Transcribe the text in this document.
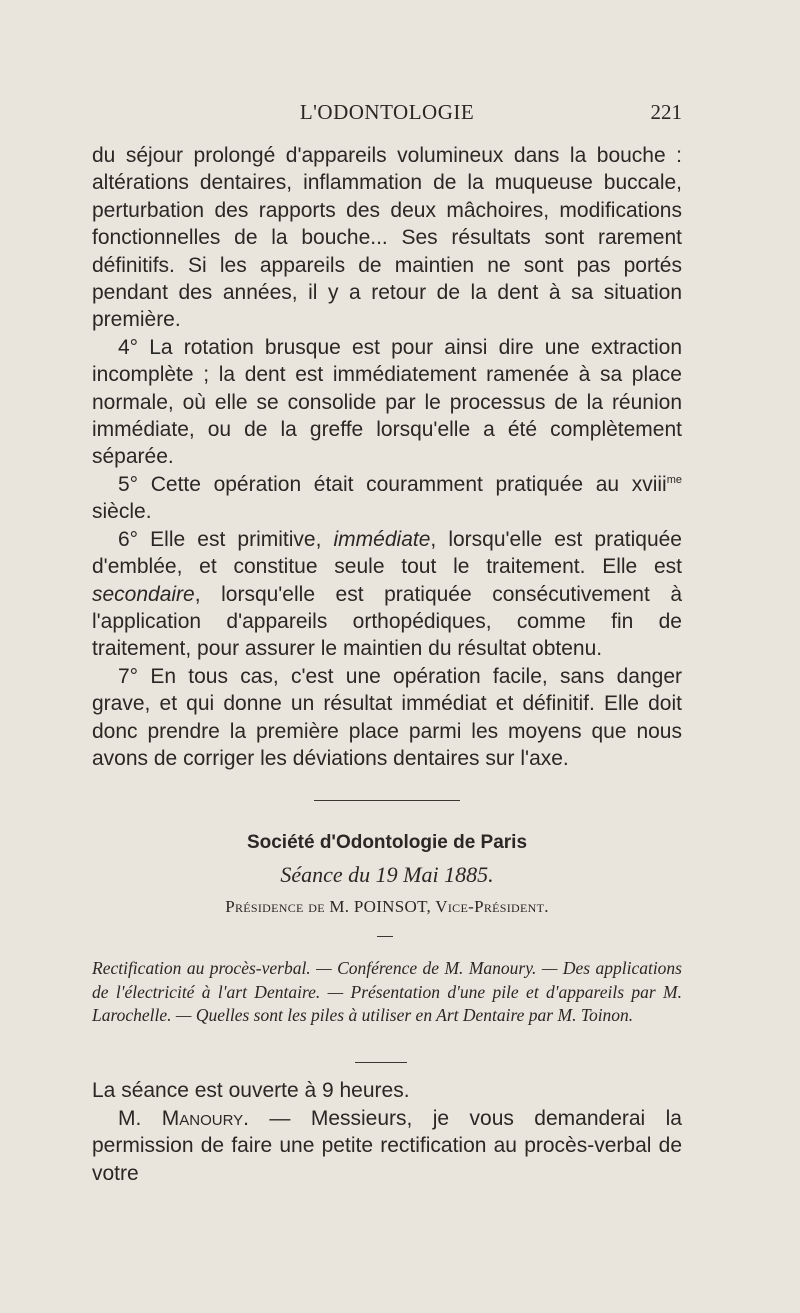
L'ODONTOLOGIE	221

du séjour prolongé d'appareils volumineux dans la bouche : altérations dentaires, inflammation de la muqueuse buccale, perturbation des rapports des deux mâchoires, modifications fonctionnelles de la bouche... Ses résultats sont rarement définitifs. Si les appareils de maintien ne sont pas portés pendant des années, il y a retour de la dent à sa situation première.

4° La rotation brusque est pour ainsi dire une extraction incomplète ; la dent est immédiatement ramenée à sa place normale, où elle se consolide par le processus de la réunion immédiate, ou de la greffe lorsqu'elle a été complètement séparée.

5° Cette opération était couramment pratiquée au xviii$^{me}$ siècle.

6° Elle est primitive, immédiate, lorsqu'elle est pratiquée d'emblée, et constitue seule tout le traitement. Elle est secondaire, lorsqu'elle est pratiquée consécutivement à l'application d'appareils orthopédiques, comme fin de traitement, pour assurer le maintien du résultat obtenu.

7° En tous cas, c'est une opération facile, sans danger grave, et qui donne un résultat immédiat et définitif. Elle doit donc prendre la première place parmi les moyens que nous avons de corriger les déviations dentaires sur l'axe.

Société d'Odontologie de Paris
Séance du 19 Mai 1885.
Présidence de M. POINSOT, Vice-Président.
Rectification au procès-verbal. — Conférence de M. Manoury. — Des applications de l'électricité à l'art Dentaire. — Présentation d'une pile et d'appareils par M. Larochelle. — Quelles sont les piles à utiliser en Art Dentaire par M. Toinon.

La séance est ouverte à 9 heures.

M. Manoury. — Messieurs, je vous demanderai la permission de faire une petite rectification au procès-verbal de votre
